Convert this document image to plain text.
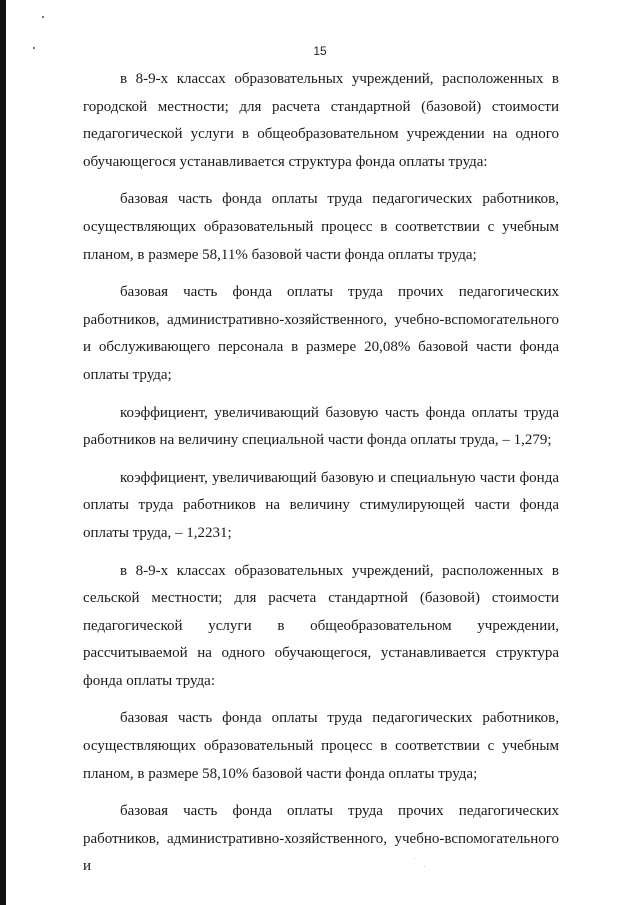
15

в 8-9-х классах образовательных учреждений, расположенных в городской местности; для расчета стандартной (базовой) стоимости педагогической услуги в общеобразовательном учреждении на одного обучающегося устанавливается структура фонда оплаты труда:

базовая часть фонда оплаты труда педагогических работников, осуществляющих образовательный процесс в соответствии с учебным планом, в размере 58,11% базовой части фонда оплаты труда;

базовая часть фонда оплаты труда прочих педагогических работников, административно-хозяйственного, учебно-вспомогательного и обслуживающего персонала в размере 20,08% базовой части фонда оплаты труда;

коэффициент, увеличивающий базовую часть фонда оплаты труда работников на величину специальной части фонда оплаты труда, – 1,279;

коэффициент, увеличивающий базовую и специальную части фонда оплаты труда работников на величину стимулирующей части фонда оплаты труда, – 1,2231;

в 8-9-х классах образовательных учреждений, расположенных в сельской местности; для расчета стандартной (базовой) стоимости педагогической услуги в общеобразовательном учреждении, рассчитываемой на одного обучающегося, устанавливается структура фонда оплаты труда:

базовая часть фонда оплаты труда педагогических работников, осуществляющих образовательный процесс в соответствии с учебным планом, в размере 58,10% базовой части фонда оплаты труда;

базовая часть фонда оплаты труда прочих педагогических работников, административно-хозяйственного, учебно-вспомогательного и
